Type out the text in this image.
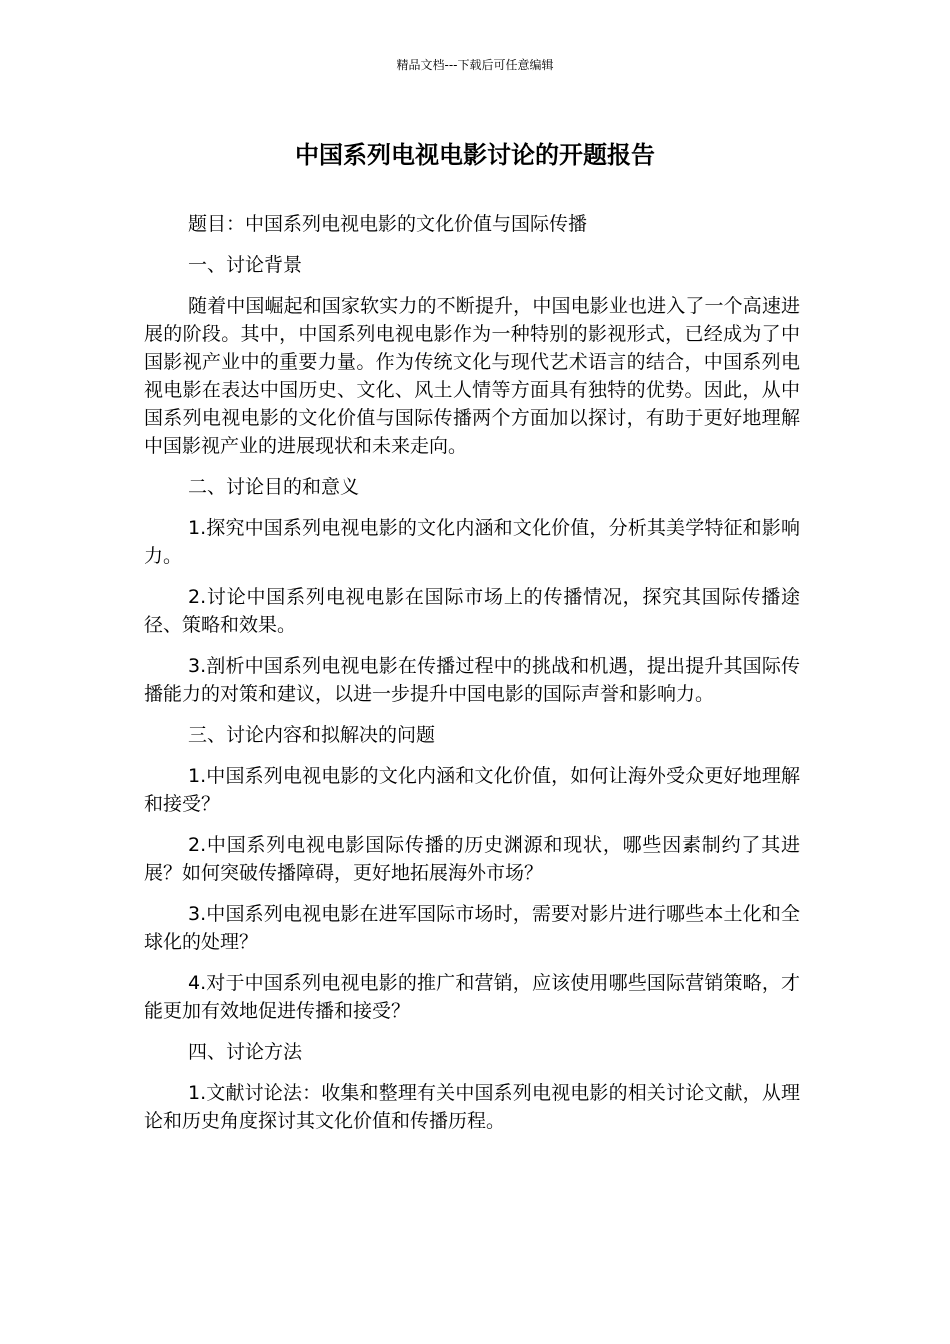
精品文档---下载后可任意编辑
中国系列电视电影讨论的开题报告

题目：中国系列电视电影的文化价值与国际传播

一、讨论背景

随着中国崛起和国家软实力的不断提升，中国电影业也进入了一个高速进展的阶段。其中，中国系列电视电影作为一种特别的影视形式，已经成为了中国影视产业中的重要力量。作为传统文化与现代艺术语言的结合，中国系列电视电影在表达中国历史、文化、风土人情等方面具有独特的优势。因此，从中国系列电视电影的文化价值与国际传播两个方面加以探讨，有助于更好地理解中国影视产业的进展现状和未来走向。

二、讨论目的和意义

1.探究中国系列电视电影的文化内涵和文化价值，分析其美学特征和影响力。

2.讨论中国系列电视电影在国际市场上的传播情况，探究其国际传播途径、策略和效果。

3.剖析中国系列电视电影在传播过程中的挑战和机遇，提出提升其国际传播能力的对策和建议，以进一步提升中国电影的国际声誉和影响力。

三、讨论内容和拟解决的问题

1.中国系列电视电影的文化内涵和文化价值，如何让海外受众更好地理解和接受？

2.中国系列电视电影国际传播的历史渊源和现状，哪些因素制约了其进展？如何突破传播障碍，更好地拓展海外市场？

3.中国系列电视电影在进军国际市场时，需要对影片进行哪些本土化和全球化的处理？

4.对于中国系列电视电影的推广和营销，应该使用哪些国际营销策略，才能更加有效地促进传播和接受？

四、讨论方法

1.文献讨论法：收集和整理有关中国系列电视电影的相关讨论文献，从理论和历史角度探讨其文化价值和传播历程。
